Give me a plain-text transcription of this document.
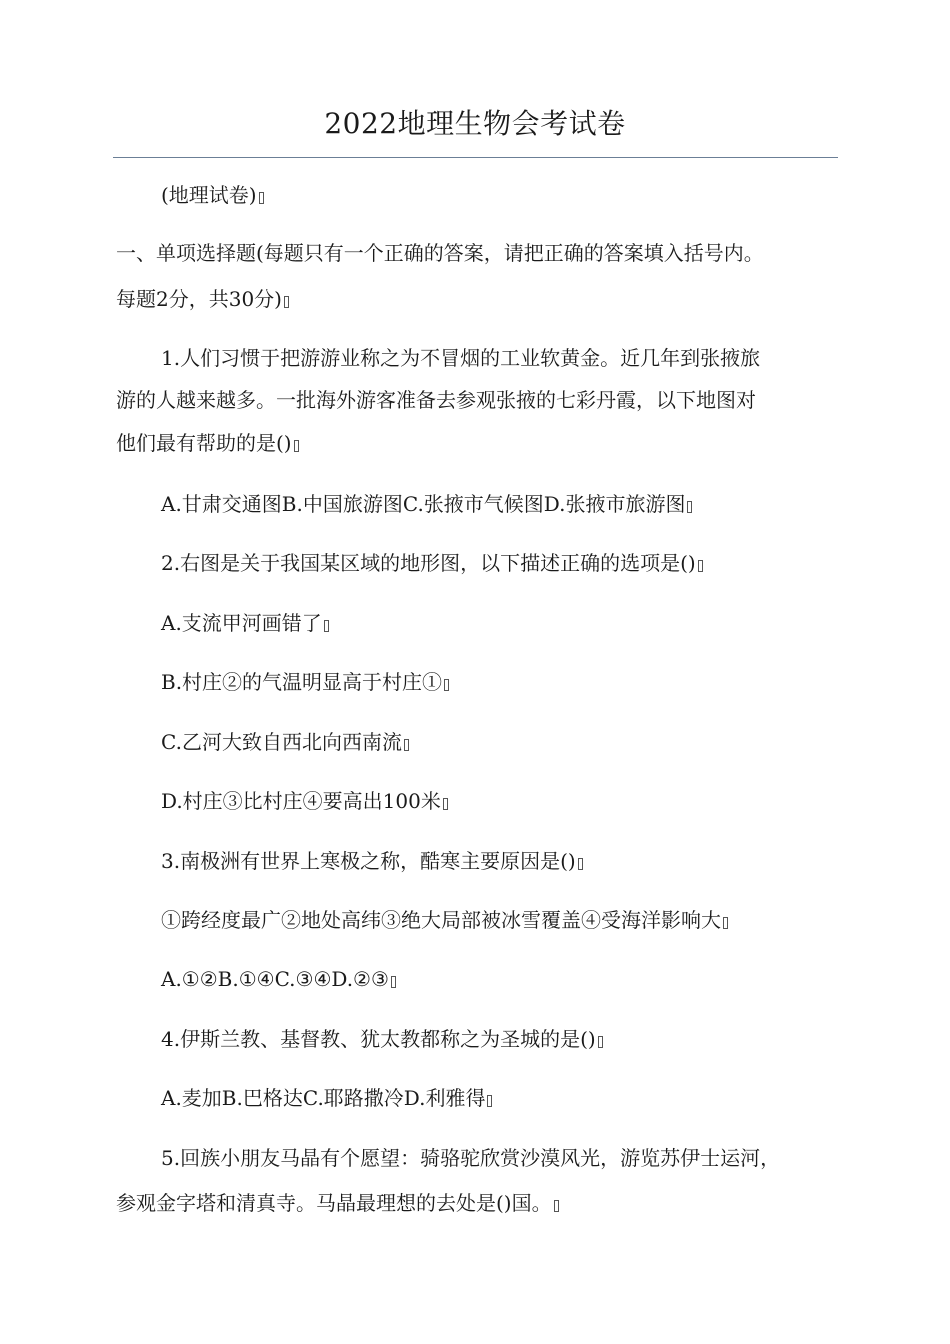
2022地理生物会考试卷
(地理试卷)
一、单项选择题(每题只有一个正确的答案，请把正确的答案填入括号内。
每题2分，共30分)
1.人们习惯于把游游业称之为不冒烟的工业软黄金。近几年到张掖旅
游的人越来越多。一批海外游客准备去参观张掖的七彩丹霞，以下地图对
他们最有帮助的是()
A.甘肃交通图B.中国旅游图C.张掖市气候图D.张掖市旅游图
2.右图是关于我国某区域的地形图，以下描述正确的选项是()
A.支流甲河画错了
B.村庄②的气温明显高于村庄①
C.乙河大致自西北向西南流
D.村庄③比村庄④要高出100米
3.南极洲有世界上寒极之称，酷寒主要原因是()
①跨经度最广②地处高纬③绝大局部被冰雪覆盖④受海洋影响大
A.①②B.①④C.③④D.②③
4.伊斯兰教、基督教、犹太教都称之为圣城的是()
A.麦加B.巴格达C.耶路撒冷D.利雅得
5.回族小朋友马晶有个愿望：骑骆驼欣赏沙漠风光，游览苏伊士运河，
参观金字塔和清真寺。马晶最理想的去处是()国。
